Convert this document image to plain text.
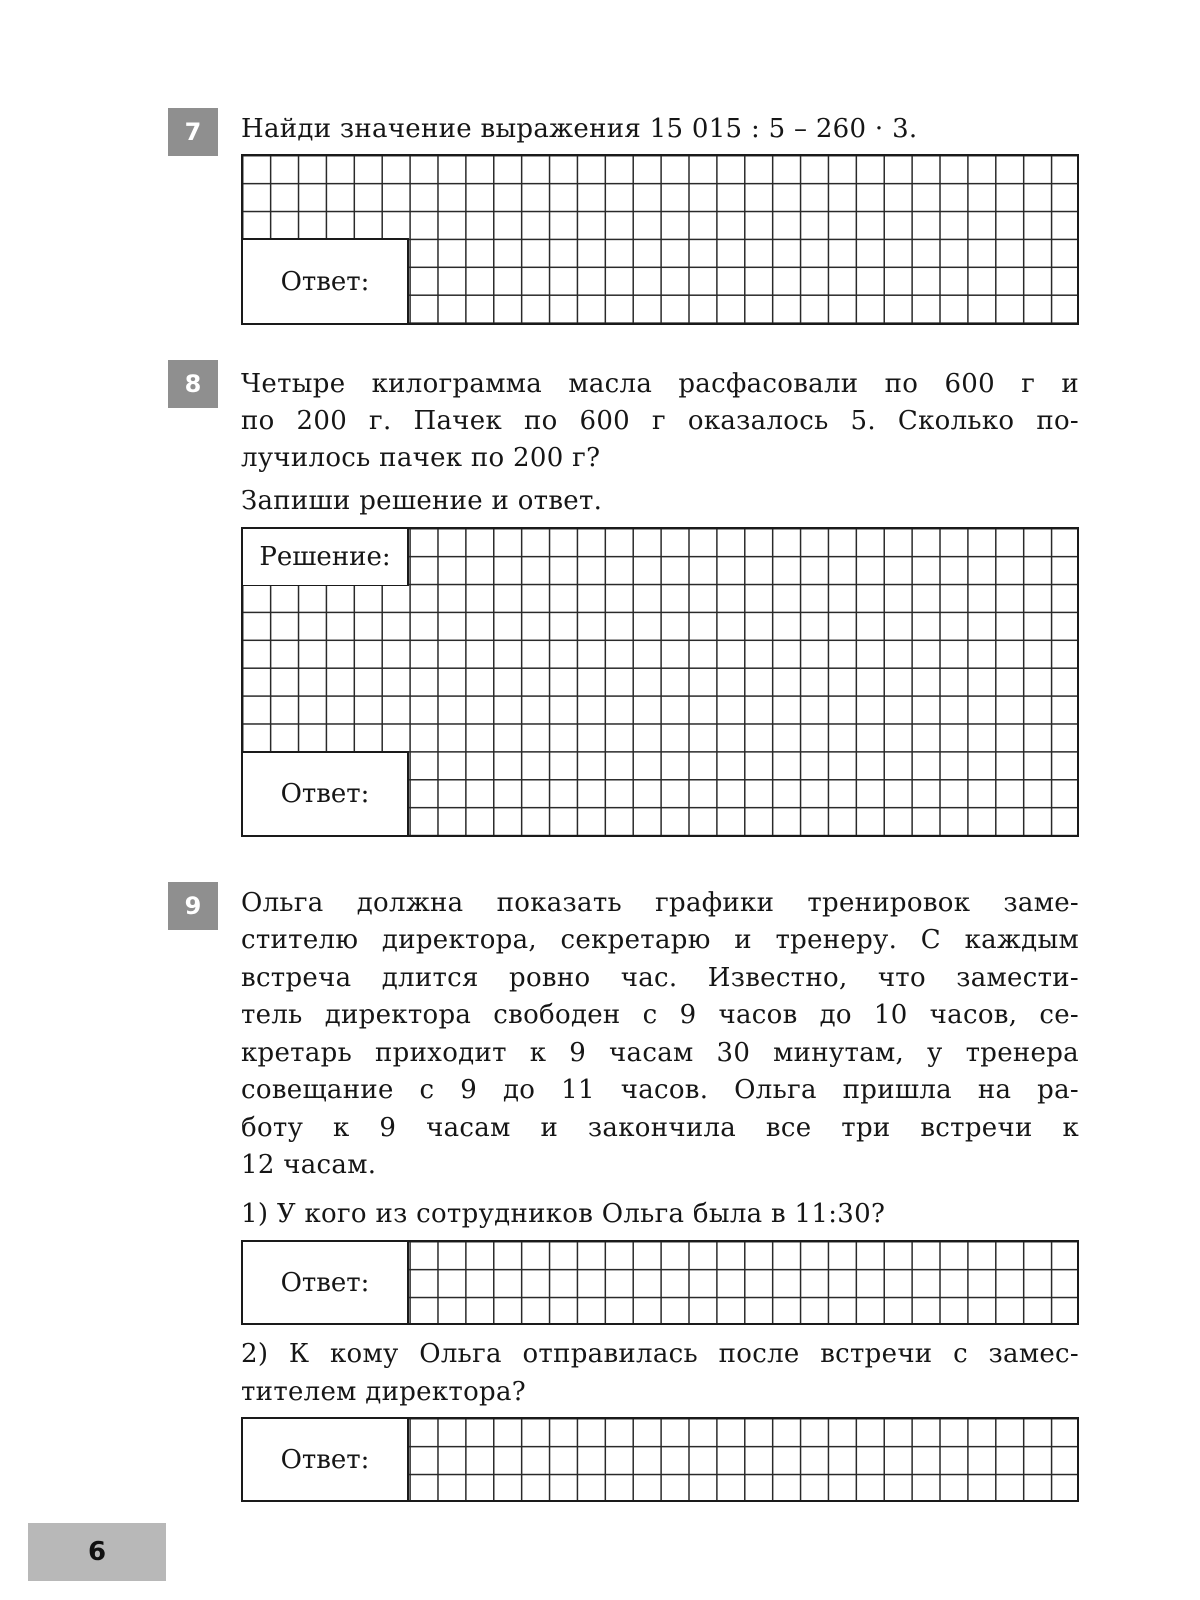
7	Найди значение выражения 15 015 : 5 – 260 · 3.
Ответ:
8	Четыре килограмма масла расфасовали по 600 г и
по 200 г. Пачек по 600 г оказалось 5. Сколько по-
лучилось пачек по 200 г?
Запиши решение и ответ.
Решение:
Ответ:
9	Ольга должна показать графики тренировок заме-
стителю директора, секретарю и тренеру. С каждым
встреча длится ровно час. Известно, что замести-
тель директора свободен с 9 часов до 10 часов, се-
кретарь приходит к 9 часам 30 минутам, у тренера
совещание с 9 до 11 часов. Ольга пришла на ра-
боту к 9 часам и закончила все три встречи к
12 часам.
1) У кого из сотрудников Ольга была в 11:30?
Ответ:
2) К кому Ольга отправилась после встречи с замес-
тителем директора?
Ответ:
6
